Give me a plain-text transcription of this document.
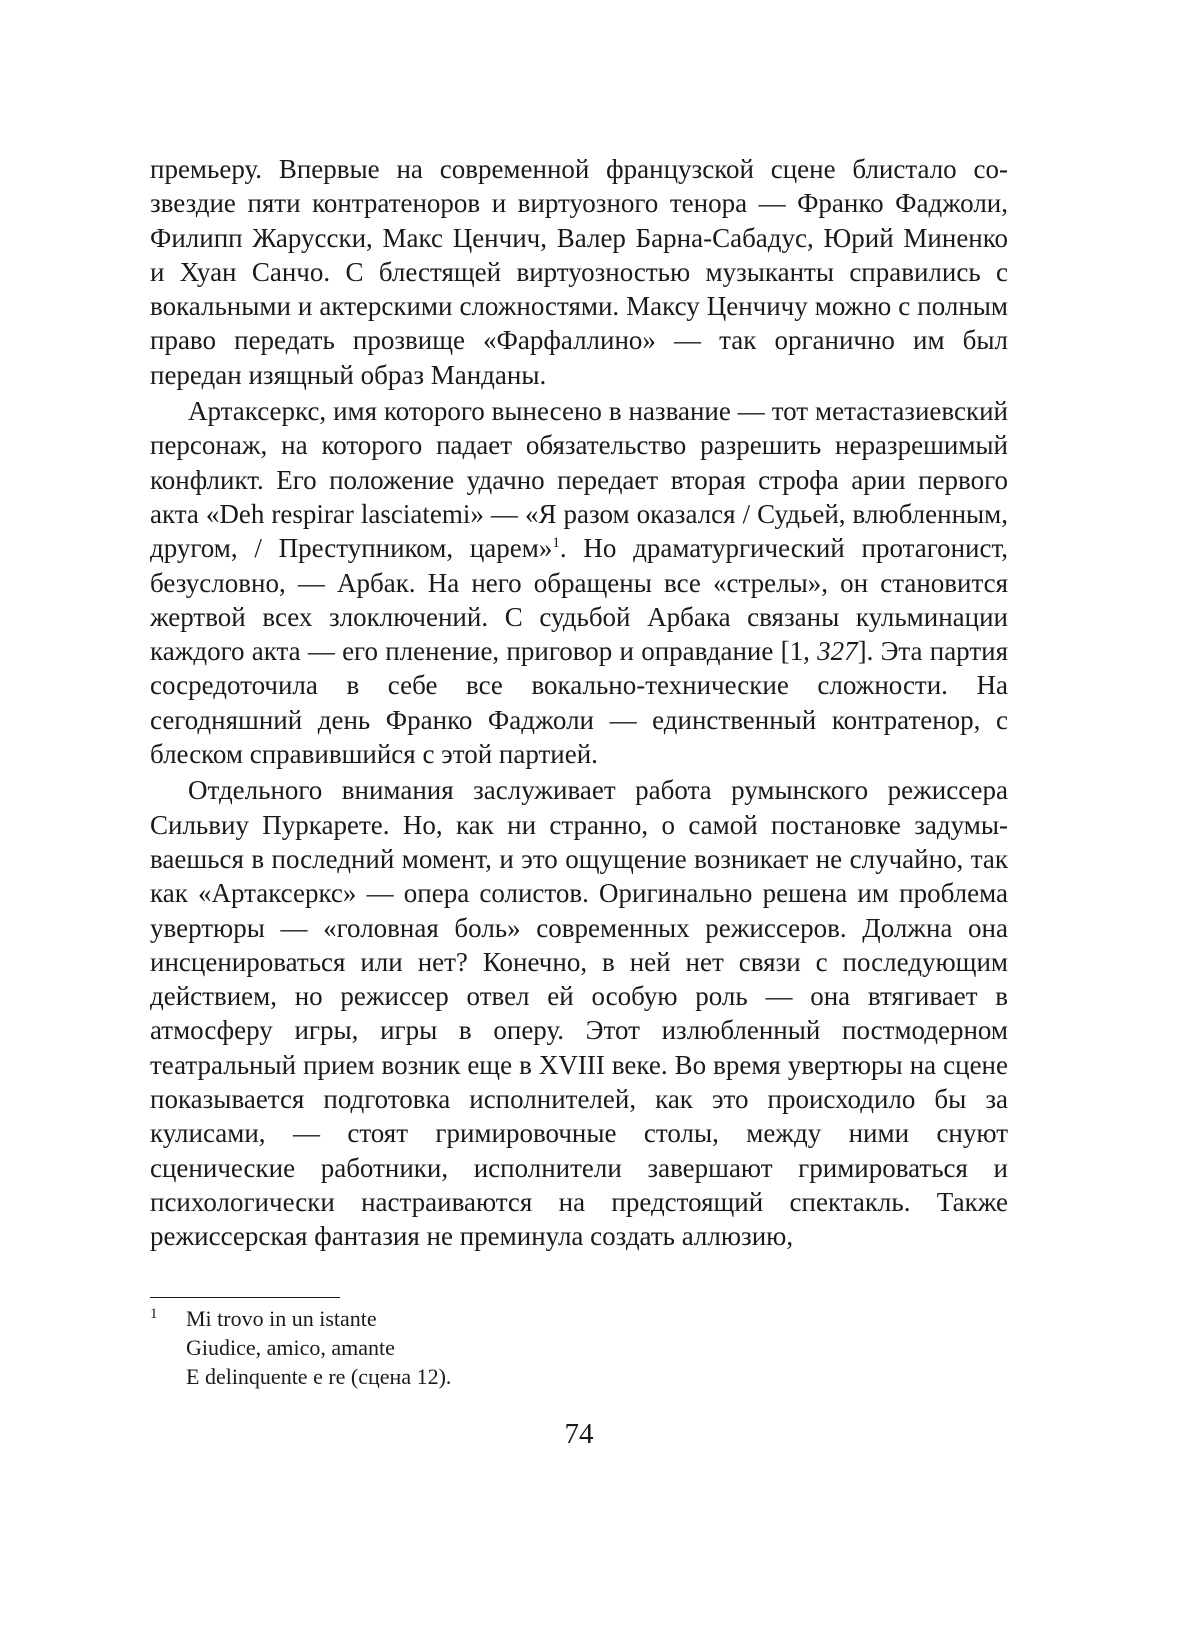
премьеру. Впервые на современной французской сцене блистало созвездие пяти контратеноров и виртуозного тенора — Франко Фаджоли, Филипп Жарусски, Макс Ценчич, Валер Барна-Сабадус, Юрий Миненко и Хуан Санчо. С блестящей виртуозностью музыканты справились с вокальными и актерскими сложностями. Максу Ценчичу можно с полным право передать прозвище «Фарфаллино» — так органично им был передан изящный образ Манданы.

Артаксеркс, имя которого вынесено в название — тот метастазиевский персонаж, на которого падает обязательство разрешить неразрешимый конфликт. Его положение удачно передает вторая строфа арии первого акта «Deh respirar lasciatemi» — «Я разом оказался / Судьей, влюбленным, другом, / Преступником, царем»$^1$. Но драматургический протагонист, безусловно, — Арбак. На него обращены все «стрелы», он становится жертвой всех злоключений. С судьбой Арбака связаны кульминации каждого акта — его пленение, приговор и оправдание [1, 327]. Эта партия сосредоточила в себе все вокально-технические сложности. На сегодняшний день Франко Фаджоли — единственный контратенор, с блеском справившийся с этой партией.

Отдельного внимания заслуживает работа румынского режиссера Сильвиу Пуркарете. Но, как ни странно, о самой постановке задумываешься в последний момент, и это ощущение возникает не случайно, так как «Артаксеркс» — опера солистов. Оригинально решена им проблема увертюры — «головная боль» современных режиссеров. Должна она инсценироваться или нет? Конечно, в ней нет связи с последующим действием, но режиссер отвел ей особую роль — она втягивает в атмосферу игры, игры в оперу. Этот излюбленный постмодерном театральный прием возник еще в XVIII веке. Во время увертюры на сцене показывается подготовка исполнителей, как это происходило бы за кулисами, — стоят гримировочные столы, между ними снуют сценические работники, исполнители завершают гримироваться и психологически настраиваются на предстоящий спектакль. Также режиссерская фантазия не преминула создать аллюзию,

1 Mi trovo in un istante
Giudice, amico, amante
E delinquente e re (сцена 12).
74
